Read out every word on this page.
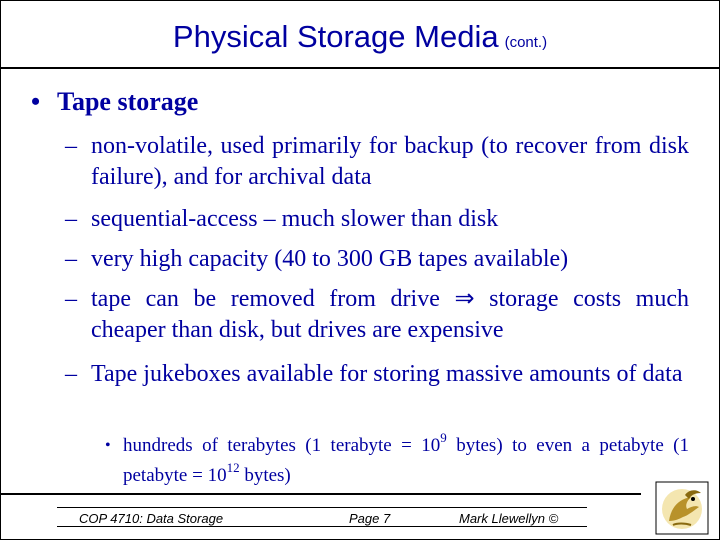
Physical Storage Media (cont.)
• Tape storage
– non-volatile, used primarily for backup (to recover from disk failure), and for archival data
– sequential-access – much slower than disk
– very high capacity (40 to 300 GB tapes available)
– tape can be removed from drive ⇒ storage costs much cheaper than disk, but drives are expensive
– Tape jukeboxes available for storing massive amounts of data
• hundreds of terabytes (1 terabyte = $10^9$ bytes) to even a petabyte (1 petabyte = $10^{12}$ bytes)
COP 4710: Data Storage	Page 7	Mark Llewellyn ©
